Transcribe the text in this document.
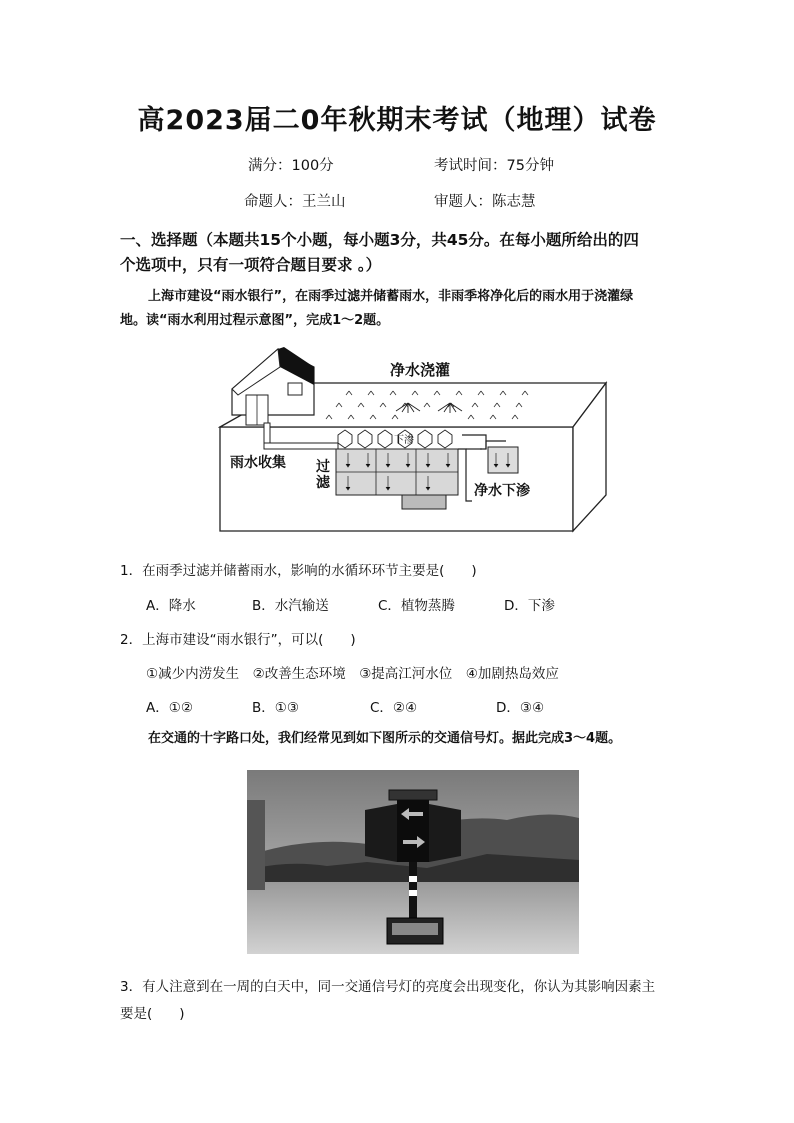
高2023届二0年秋期末考试（地理）试卷
满分：100分	考试时间：75分钟
命题人：王兰山	审题人：陈志慧
一、选择题（本题共15个小题，每小题3分，共45分。在每小题所给出的四
个选项中，只有一项符合题目要求 。）
上海市建设“雨水银行”，在雨季过滤并储蓄雨水，非雨季将净化后的雨水用于浇灌绿
地。读“雨水利用过程示意图”，完成1～2题。
净水浇灌
下渗
雨水收集 过
滤	净水下渗
1．在雨季过滤并储蓄雨水，影响的水循环环节主要是(　　)
A．降水	B．水汽输送	C．植物蒸腾	D．下渗
2．上海市建设“雨水银行”，可以(　　)
①减少内涝发生　②改善生态环境　③提高江河水位　④加剧热岛效应
A．①②	B．①③	C．②④	D．③④
在交通的十字路口处，我们经常见到如下图所示的交通信号灯。据此完成3～4题。
3．有人注意到在一周的白天中，同一交通信号灯的亮度会出现变化，你认为其影响因素主
要是(　　)
